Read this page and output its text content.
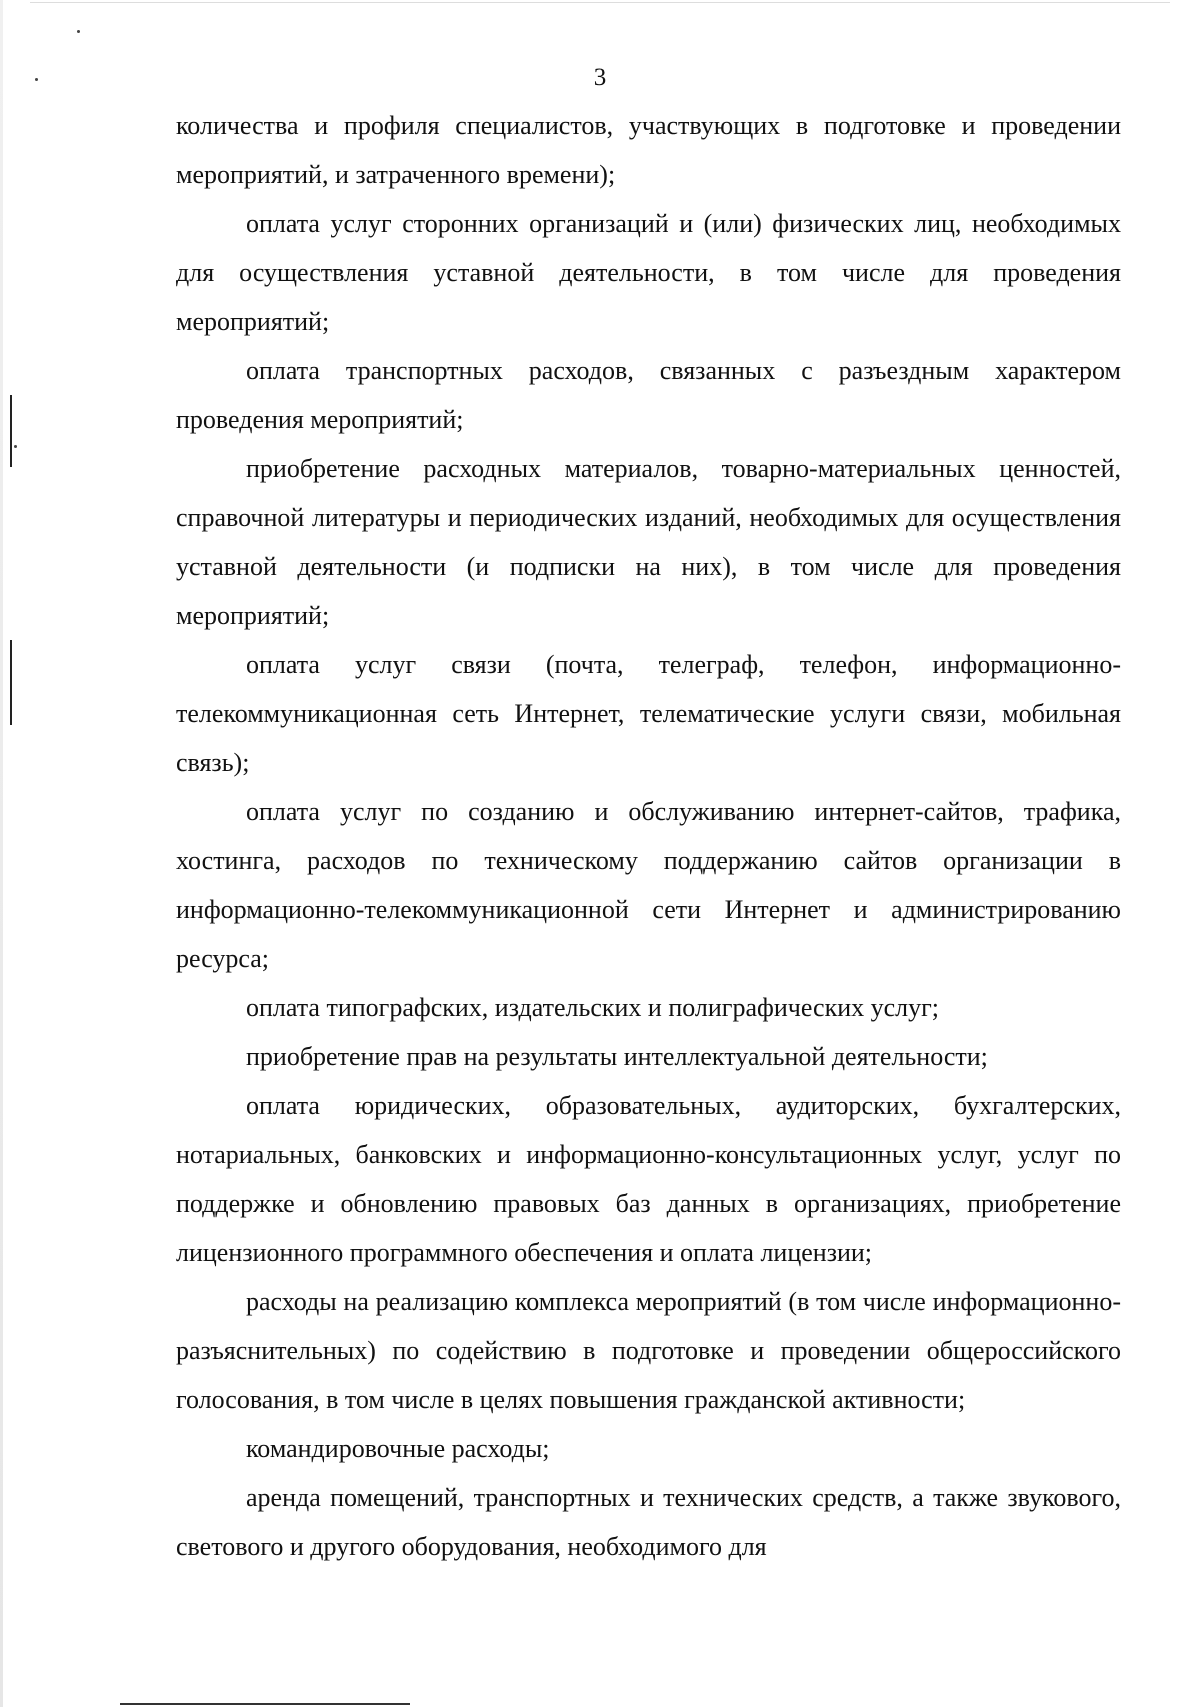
3

количества и профиля специалистов, участвующих в подготовке и проведении мероприятий, и затраченного времени);

оплата услуг сторонних организаций и (или) физических лиц, необходимых для осуществления уставной деятельности, в том числе для проведения мероприятий;

оплата транспортных расходов, связанных с разъездным характером проведения мероприятий;

приобретение расходных материалов, товарно-материальных ценностей, справочной литературы и периодических изданий, необходимых для осуществления уставной деятельности (и подписки на них), в том числе для проведения мероприятий;

оплата услуг связи (почта, телеграф, телефон, информационно-телекоммуникационная сеть Интернет, телематические услуги связи, мобильная связь);

оплата услуг по созданию и обслуживанию интернет-сайтов, трафика, хостинга, расходов по техническому поддержанию сайтов организации в информационно-телекоммуникационной сети Интернет и администрированию ресурса;

оплата типографских, издательских и полиграфических услуг;

приобретение прав на результаты интеллектуальной деятельности;

оплата юридических, образовательных, аудиторских, бухгалтерских, нотариальных, банковских и информационно-консультационных услуг, услуг по поддержке и обновлению правовых баз данных в организациях, приобретение лицензионного программного обеспечения и оплата лицензии;

расходы на реализацию комплекса мероприятий (в том числе информационно-разъяснительных) по содействию в подготовке и проведении общероссийского голосования, в том числе в целях повышения гражданской активности;

командировочные расходы;

аренда помещений, транспортных и технических средств, а также звукового, светового и другого оборудования, необходимого для
